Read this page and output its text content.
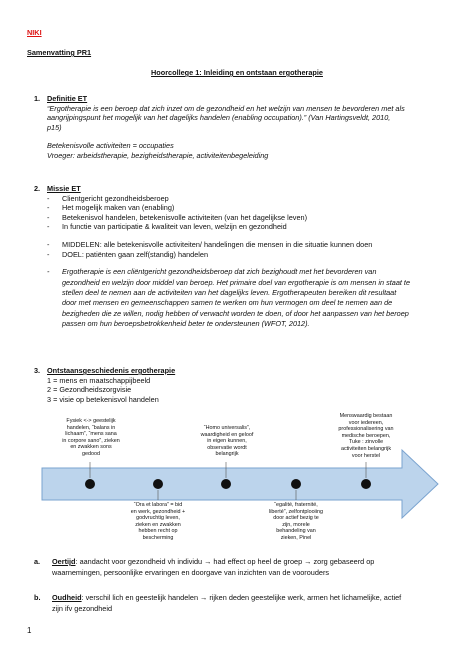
NIKI
Samenvatting PR1
Hoorcollege 1: Inleiding en ontstaan ergotherapie
1. Definitie ET
“Ergotherapie is een beroep dat zich inzet om de gezondheid en het welzijn van mensen te bevorderen met als
aangrijpingspunt het mogelijk van het dagelijks handelen (enabling occupation).” (Van Hartingsveldt, 2010,
p15)
Betekenisvolle activiteiten = occupaties
Vroeger: arbeidstherapie, bezigheidstherapie, activiteitenbegeleiding
2. Missie ET
- Clientgericht gezondheidsberoep
- Het mogelijk maken van (enabling)
- Betekenisvol handelen, betekenisvolle activiteiten (van het dagelijkse leven)
- In functie van participatie & kwaliteit van leven, welzijn en gezondheid
- MIDDELEN: alle betekenisvolle activiteiten/ handelingen die mensen in die situatie kunnen doen
- DOEL: patiënten gaan zelf(standig) handelen
- Ergotherapie is een cliëntgericht gezondheidsberoep dat zich bezighoudt met het bevorderen van
gezondheid en welzijn door middel van beroep. Het primaire doel van ergotherapie is om mensen in staat te
stellen deel te nemen aan de activiteiten van het dagelijks leven. Ergotherapeuten bereiken dit resultaat
door met mensen en gemeenschappen samen te werken om hun vermogen om deel te nemen aan de
bezigheden die ze willen, nodig hebben of verwacht worden te doen, of door het aanpassen van het beroep
passen om hun beroepsbetrokkenheid beter te ondersteunen (WFOT, 2012).
3. Ontstaansgeschiedenis ergotherapie
1 = mens en maatschappijbeeld
2 = Gezondheidszorgvisie
3 = visie op betekenisvol handelen
Fysiek <-> geestelijk
handelen, “balans in
lichaam”, “mens sana
in corpore sano”, zieken
en zwakken sons
gedood
“Homo universalis”,
waardigheid en geloof
in eigen kunnen,
observatie wordt
belangrijk
Menswaardig bestaan
voor iedereen,
professionalisering van
medische beroepen,
Tuke : zinvolle
activiteiten belangrijk
voor herstel
“Ora et labora” = bid
en werk, gezondheid +
godvruchtig leven,
zieken en zwakken
hebben recht op
bescherming
“egalité, fraternité,
liberté”, zelfontplooiing
door actief bezig te
zijn, morele
behandeling van
zieken, Pinel
a. Oertijd: aandacht voor gezondheid vh individu → had effect op heel de groep → zorg gebaseerd op
waarnemingen, persoonlijke ervaringen en doorgave van inzichten van de voorouders
b. Oudheid: verschil lich en geestelijk handelen → rijken deden geestelijke werk, armen het lichamelijke, actief
zijn ifv gezondheid
1
